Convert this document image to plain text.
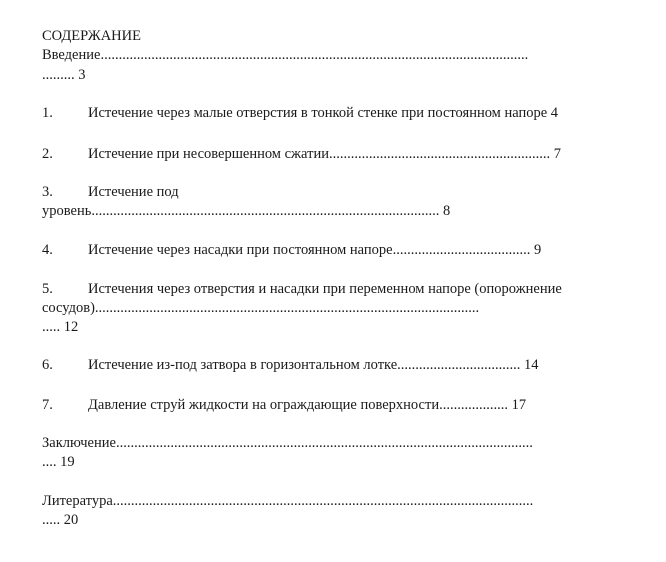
СОДЕРЖАНИЕ
Введение......................................................................................................................
......... 3
1. Истечение через малые отверстия в тонкой стенке при постоянном напоре 4
2. Истечение при несовершенном сжатии............................................................. 7
3. Истечение под
уровень................................................................................................ 8
4. Истечение через насадки при постоянном напоре...................................... 9
5. Истечения через отверстия и насадки при переменном напоре (опорожнение
сосудов)..........................................................................................................
..... 12
6. Истечение из-под затвора в горизонтальном лотке.................................. 14
7. Давление струй жидкости на ограждающие поверхности................... 17
Заключение...................................................................................................................
.... 19
Литература....................................................................................................................
..... 20
